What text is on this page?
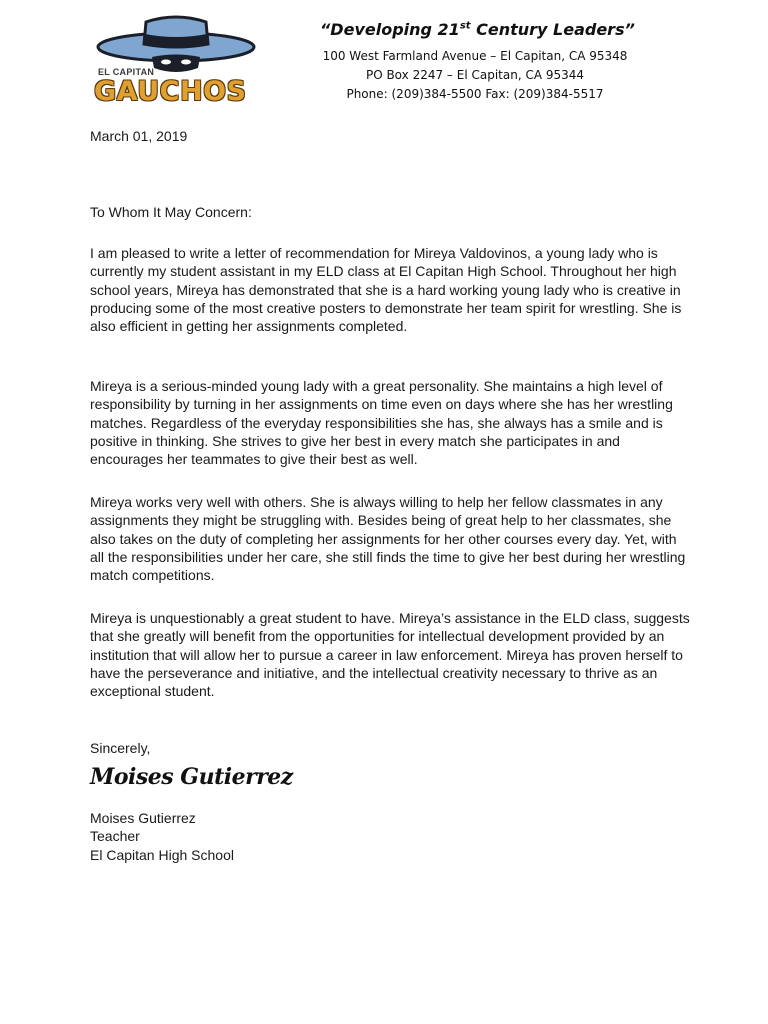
EL CAPITAN
GAUCHOS

“Developing 21st Century Leaders”

100 West Farmland Avenue – El Capitan, CA 95348

PO Box 2247 – El Capitan, CA 95344

Phone: (209)384-5500 Fax: (209)384-5517

March 01, 2019

To Whom It May Concern:

I am pleased to write a letter of recommendation for Mireya Valdovinos, a young lady who is currently my student assistant in my ELD class at El Capitan High School. Throughout her high school years, Mireya has demonstrated that she is a hard working young lady who is creative in producing some of the most creative posters to demonstrate her team spirit for wrestling. She is also efficient in getting her assignments completed.

Mireya is a serious-minded young lady with a great personality. She maintains a high level of responsibility by turning in her assignments on time even on days where she has her wrestling matches. Regardless of the everyday responsibilities she has, she always has a smile and is positive in thinking. She strives to give her best in every match she participates in and encourages her teammates to give their best as well.

Mireya works very well with others. She is always willing to help her fellow classmates in any assignments they might be struggling with. Besides being of great help to her classmates, she also takes on the duty of completing her assignments for her other courses every day. Yet, with all the responsibilities under her care, she still finds the time to give her best during her wrestling match competitions.

Mireya is unquestionably a great student to have. Mireya’s assistance in the ELD class, suggests that she greatly will benefit from the opportunities for intellectual development provided by an institution that will allow her to pursue a career in law enforcement. Mireya has proven herself to have the perseverance and initiative, and the intellectual creativity necessary to thrive as an exceptional student.

Sincerely,

Moises Gutierrez

Moises Gutierrez

Teacher

El Capitan High School
